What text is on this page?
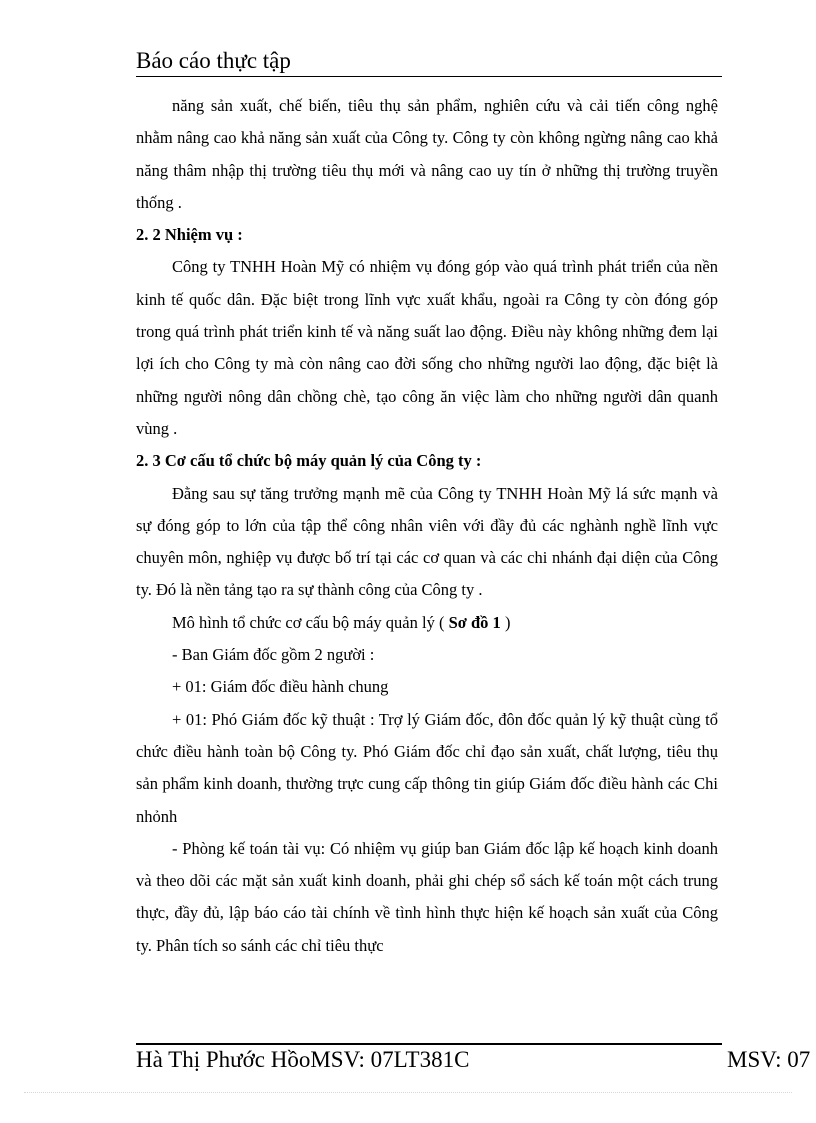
Báo cáo thực tập

năng sản xuất, chế biến, tiêu thụ sản phẩm, nghiên cứu và cải tiến công nghệ nhằm nâng cao khả năng sản xuất của Công ty. Công ty còn không ngừng nâng cao khả năng thâm nhập thị trường tiêu thụ mới và nâng cao uy tín ở những thị trường truyền thống .

2. 2 Nhiệm vụ :

Công ty TNHH Hoàn Mỹ có nhiệm vụ đóng góp vào quá trình phát triển của nền kinh tế quốc dân. Đặc biệt trong lĩnh vực xuất khẩu, ngoài ra Công ty còn đóng góp trong quá trình phát triển kinh tế và năng suất lao động. Điều này không những đem lại lợi ích cho Công ty mà còn nâng cao đời sống cho những người lao động, đặc biệt là những người nông dân chồng chè, tạo công ăn việc làm cho những người dân quanh vùng .

2. 3 Cơ cấu tổ chức bộ máy quản lý của Công ty :

Đằng sau sự tăng trưởng mạnh mẽ của Công ty TNHH Hoàn Mỹ lá sức mạnh và sự đóng góp to lớn của tập thể công nhân viên với đầy đủ các nghành nghề lĩnh vực chuyên môn, nghiệp vụ được bố trí tại các cơ quan và các chi nhánh đại diện của Công ty. Đó là nền tảng tạo ra sự thành công của Công ty .

Mô hình tổ chức cơ cấu bộ máy quản lý ( Sơ đồ 1 )

- Ban Giám đốc gồm 2 người :

+ 01: Giám đốc điều hành chung

+ 01: Phó Giám đốc kỹ thuật : Trợ lý Giám đốc, đôn đốc quản lý kỹ thuật cùng tổ chức điều hành toàn bộ Công ty. Phó Giám đốc chỉ đạo sản xuất, chất lượng, tiêu thụ sản phẩm kinh doanh, thường trực cung cấp thông tin giúp Giám đốc điều hành các Chi nhỏnh

- Phòng kế toán tài vụ: Có nhiệm vụ giúp ban Giám đốc lập kế hoạch kinh doanh và theo dõi các mặt sản xuất kinh doanh, phải ghi chép sổ sách kế toán một cách trung thực, đầy đủ, lập báo cáo tài chính về tình hình thực hiện kế hoạch sản xuất của Công ty. Phân tích so sánh các chỉ tiêu thực

Hà Thị Phước HồoMSV: 07LT381C	MSV: 07
